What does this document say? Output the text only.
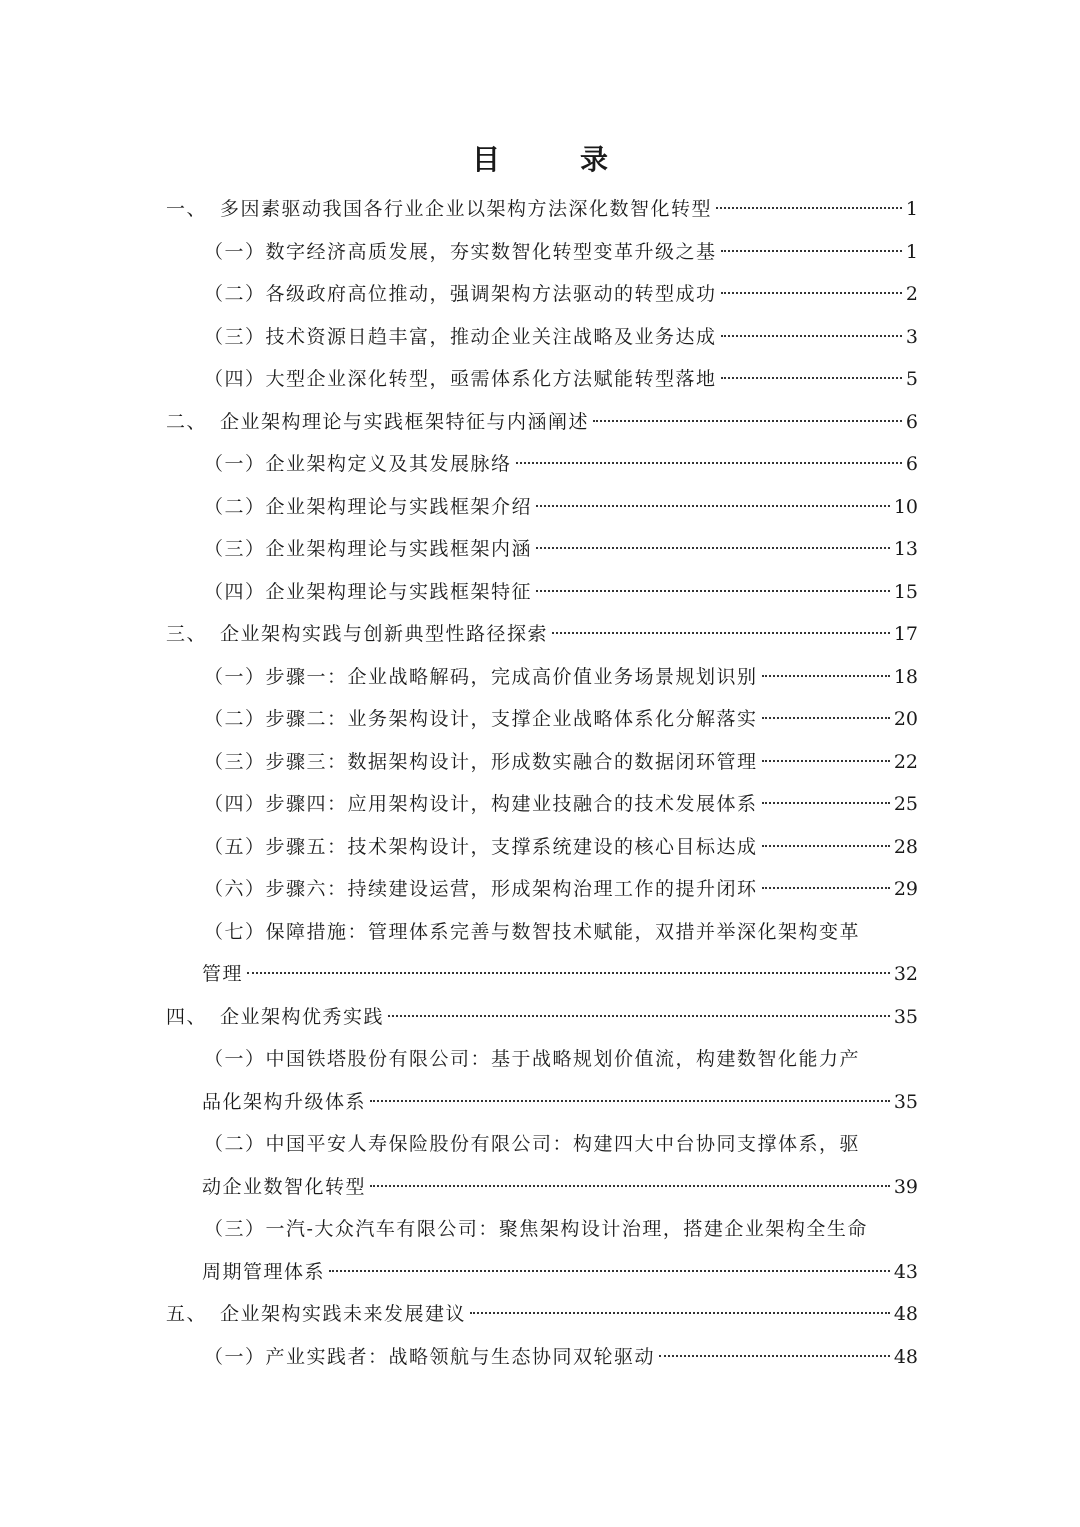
目　录
一、 多因素驱动我国各行业企业以架构方法深化数智化转型	1
（一）数字经济高质发展，夯实数智化转型变革升级之基	1
（二）各级政府高位推动，强调架构方法驱动的转型成功	2
（三）技术资源日趋丰富，推动企业关注战略及业务达成	3
（四）大型企业深化转型，亟需体系化方法赋能转型落地	5
二、 企业架构理论与实践框架特征与内涵阐述	6
（一）企业架构定义及其发展脉络	6
（二）企业架构理论与实践框架介绍	10
（三）企业架构理论与实践框架内涵	13
（四）企业架构理论与实践框架特征	15
三、 企业架构实践与创新典型性路径探索	17
（一）步骤一：企业战略解码，完成高价值业务场景规划识别	18
（二）步骤二：业务架构设计，支撑企业战略体系化分解落实	20
（三）步骤三：数据架构设计，形成数实融合的数据闭环管理	22
（四）步骤四：应用架构设计，构建业技融合的技术发展体系	25
（五）步骤五：技术架构设计，支撑系统建设的核心目标达成	28
（六）步骤六：持续建设运营，形成架构治理工作的提升闭环	29
（七）保障措施：管理体系完善与数智技术赋能，双措并举深化架构变革
管理	32
四、 企业架构优秀实践	35
（一）中国铁塔股份有限公司：基于战略规划价值流，构建数智化能力产
品化架构升级体系	35
（二）中国平安人寿保险股份有限公司：构建四大中台协同支撑体系，驱
动企业数智化转型	39
（三）一汽-大众汽车有限公司：聚焦架构设计治理，搭建企业架构全生命
周期管理体系	43
五、 企业架构实践未来发展建议	48
（一）产业实践者：战略领航与生态协同双轮驱动	48
